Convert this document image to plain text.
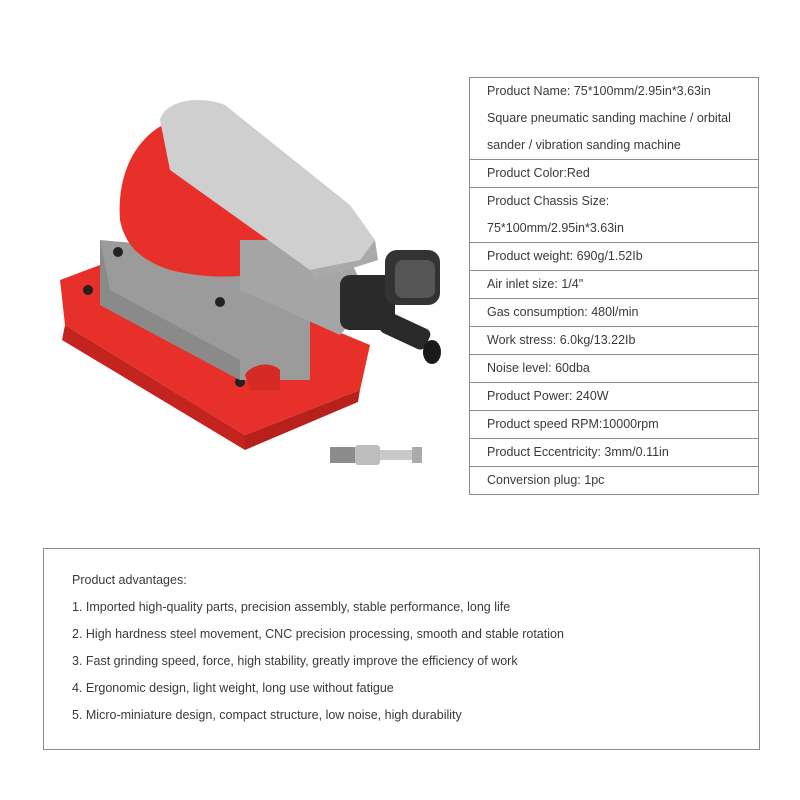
Product Name: 75*100mm/2.95in*3.63in
Square pneumatic sanding machine / orbital
sander / vibration sanding machine
Product Color:Red
Product Chassis Size:
75*100mm/2.95in*3.63in
Product weight: 690g/1.52Ib
Air inlet size: 1/4"
Gas consumption: 480l/min
Work stress: 6.0kg/13.22Ib
Noise level: 60dba
Product Power: 240W
Product speed RPM:10000rpm
Product Eccentricity: 3mm/0.11in
Conversion plug: 1pc
Product advantages:
1. Imported high-quality parts, precision assembly, stable performance, long life
2. High hardness steel movement, CNC precision processing, smooth and stable rotation
3. Fast grinding speed, force, high stability, greatly improve the efficiency of work
4. Ergonomic design, light weight, long use without fatigue
5. Micro-miniature design, compact structure, low noise, high durability
